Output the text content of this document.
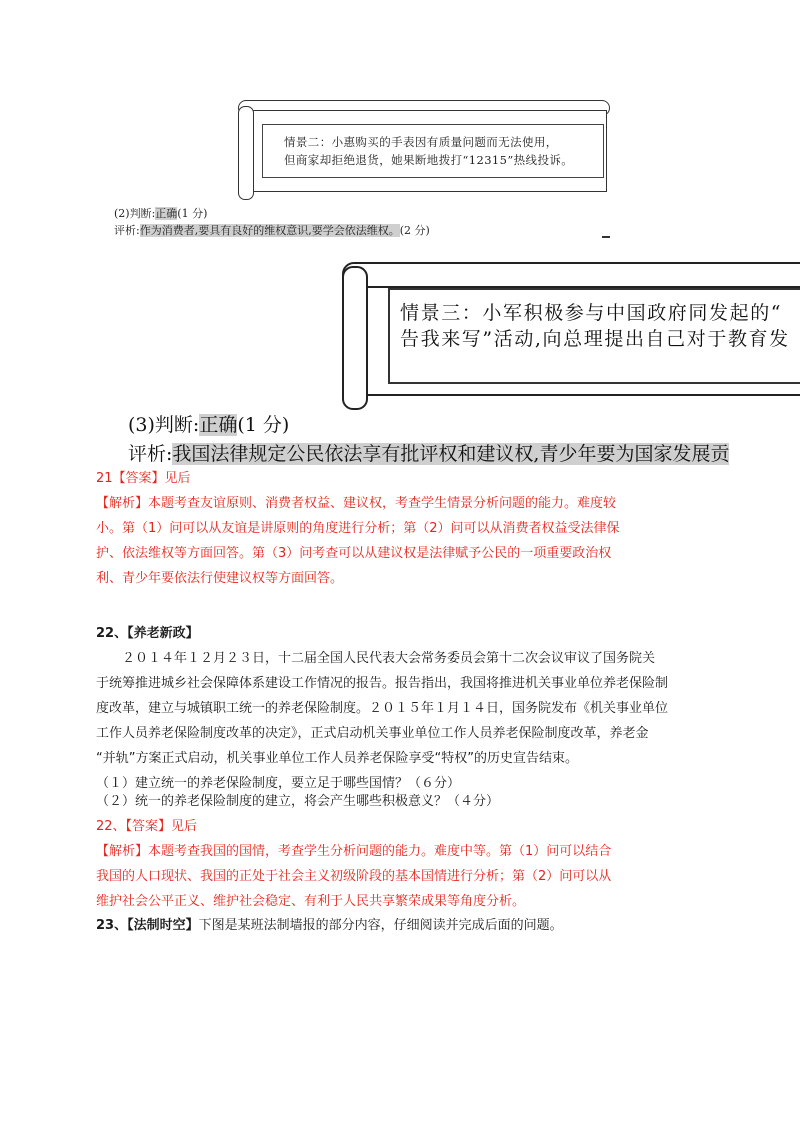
情景二：小惠购买的手表因有质量问题而无法使用，
但商家却拒绝退货，她果断地拨打“12315”热线投诉。
(2)判断:正确(1 分)
评析:作为消费者,要具有良好的维权意识,要学会依法维权。(2 分)
情景三：小军积极参与中国政府同发起的“
告我来写”活动,向总理提出自己对于教育发
(3)判断:正确(1 分)
评析:我国法律规定公民依法享有批评权和建议权,青少年要为国家发展贡
21【答案】见后
【解析】本题考查友谊原则、消费者权益、建议权，考查学生情景分析问题的能力。难度较
小。第（1）问可以从友谊是讲原则的角度进行分析；第（2）问可以从消费者权益受法律保
护、依法维权等方面回答。第（3）问考查可以从建议权是法律赋予公民的一项重要政治权
利、青少年要依法行使建议权等方面回答。
22、【养老新政】
　　２０１４年１２月２３日，十二届全国人民代表大会常务委员会第十二次会议审议了国务院关
于统筹推进城乡社会保障体系建设工作情况的报告。报告指出，我国将推进机关事业单位养老保险制
度改革，建立与城镇职工统一的养老保险制度。２０１５年１月１４日，国务院发布《机关事业单位
工作人员养老保险制度改革的决定》，正式启动机关事业单位工作人员养老保险制度改革，养老金
“并轨”方案正式启动，机关事业单位工作人员养老保险享受“特权”的历史宣告结束。
（１）建立统一的养老保险制度，要立足于哪些国情？（６分）
（２）统一的养老保险制度的建立，将会产生哪些积极意义？（４分）
22、【答案】见后
【解析】本题考查我国的国情，考查学生分析问题的能力。难度中等。第（1）问可以结合
我国的人口现状、我国的正处于社会主义初级阶段的基本国情进行分析；第（2）问可以从
维护社会公平正义、维护社会稳定、有利于人民共享繁荣成果等角度分析。
23、【法制时空】下图是某班法制墙报的部分内容，仔细阅读并完成后面的问题。
